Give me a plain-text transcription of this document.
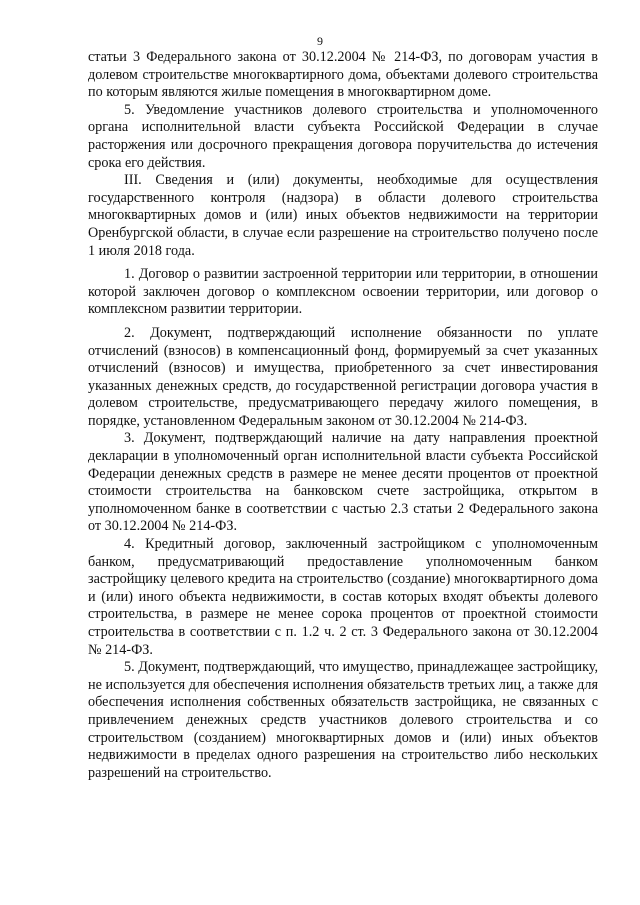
9

статьи 3 Федерального закона от 30.12.2004 № 214-ФЗ, по договорам участия в долевом строительстве многоквартирного дома, объектами долевого строительства по которым являются жилые помещения в многоквартирном доме.

5. Уведомление участников долевого строительства и уполномоченного органа исполнительной власти субъекта Российской Федерации в случае расторжения или досрочного прекращения договора поручительства до истечения срока его действия.

III. Сведения и (или) документы, необходимые для осуществления государственного контроля (надзора) в области долевого строительства многоквартирных домов и (или) иных объектов недвижимости на территории Оренбургской области, в случае если разрешение на строительство получено после 1 июля 2018 года.

1. Договор о развитии застроенной территории или территории, в отношении которой заключен договор о комплексном освоении территории, или договор о комплексном развитии территории.

2. Документ, подтверждающий исполнение обязанности по уплате отчислений (взносов) в компенсационный фонд, формируемый за счет указанных отчислений (взносов) и имущества, приобретенного за счет инвестирования указанных денежных средств, до государственной регистрации договора участия в долевом строительстве, предусматривающего передачу жилого помещения, в порядке, установленном Федеральным законом от 30.12.2004 № 214-ФЗ.

3. Документ, подтверждающий наличие на дату направления проектной декларации в уполномоченный орган исполнительной власти субъекта Российской Федерации денежных средств в размере не менее десяти процентов от проектной стоимости строительства на банковском счете застройщика, открытом в уполномоченном банке в соответствии с частью 2.3 статьи 2 Федерального закона от 30.12.2004 № 214-ФЗ.

4. Кредитный договор, заключенный застройщиком с уполномоченным банком, предусматривающий предоставление уполномоченным банком застройщику целевого кредита на строительство (создание) многоквартирного дома и (или) иного объекта недвижимости, в состав которых входят объекты долевого строительства, в размере не менее сорока процентов от проектной стоимости строительства в соответствии с п. 1.2 ч. 2 ст. 3 Федерального закона от 30.12.2004 № 214-ФЗ.

5. Документ, подтверждающий, что имущество, принадлежащее застройщику, не используется для обеспечения исполнения обязательств третьих лиц, а также для обеспечения исполнения собственных обязательств застройщика, не связанных с привлечением денежных средств участников долевого строительства и со строительством (созданием) многоквартирных домов и (или) иных объектов недвижимости в пределах одного разрешения на строительство либо нескольких разрешений на строительство.
